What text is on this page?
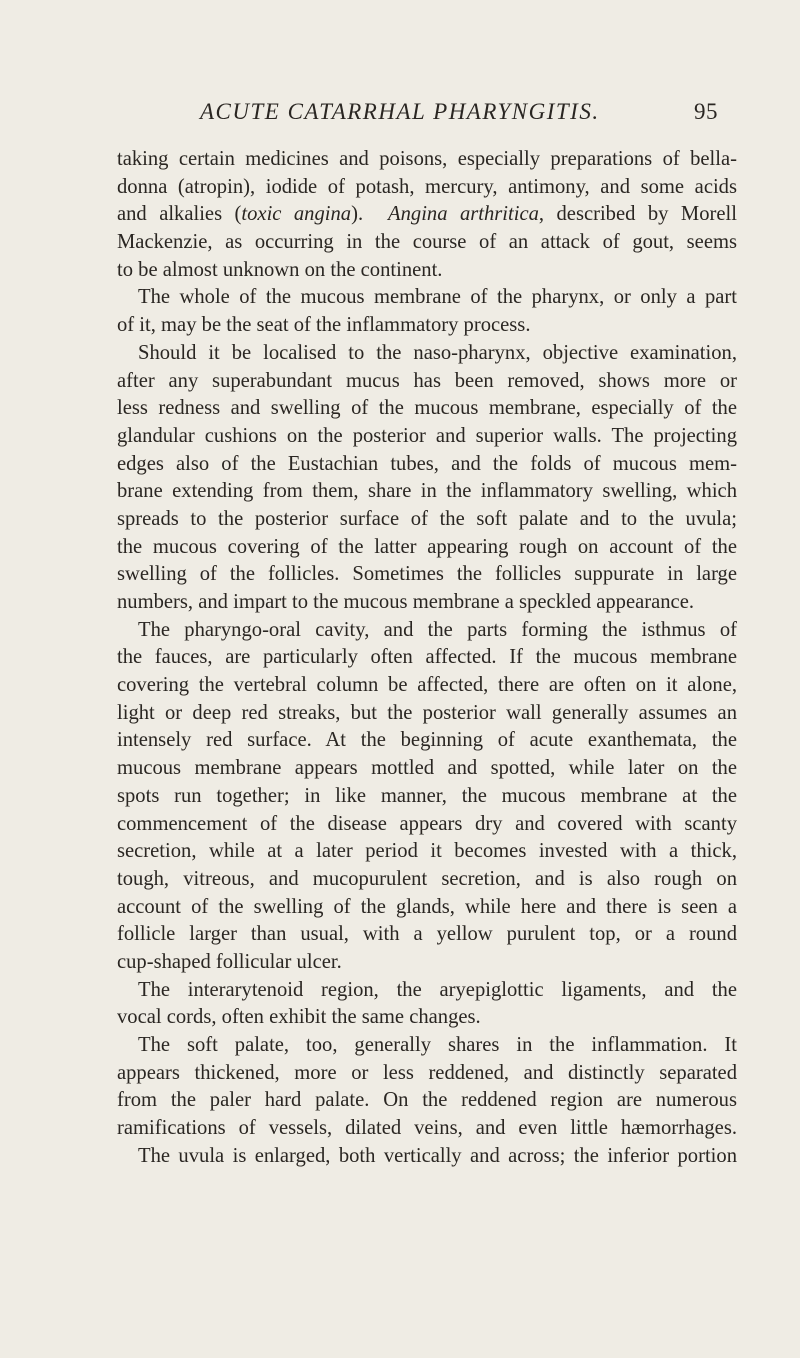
ACUTE CATARRHAL PHARYNGITIS.	95
taking certain medicines and poisons, especially preparations of bella-
donna (atropin), iodide of potash, mercury, antimony, and some acids
and alkalies (toxic angina).  Angina arthritica, described by Morell
Mackenzie, as occurring in the course of an attack of gout, seems
to be almost unknown on the continent.
The whole of the mucous membrane of the pharynx, or only a part
of it, may be the seat of the inflammatory process.
Should it be localised to the naso-pharynx, objective examination,
after any superabundant mucus has been removed, shows more or
less redness and swelling of the mucous membrane, especially of the
glandular cushions on the posterior and superior walls. The projecting
edges also of the Eustachian tubes, and the folds of mucous mem-
brane extending from them, share in the inflammatory swelling, which
spreads to the posterior surface of the soft palate and to the uvula;
the mucous covering of the latter appearing rough on account of the
swelling of the follicles. Sometimes the follicles suppurate in large
numbers, and impart to the mucous membrane a speckled appearance.
The pharyngo-oral cavity, and the parts forming the isthmus of
the fauces, are particularly often affected. If the mucous membrane
covering the vertebral column be affected, there are often on it alone,
light or deep red streaks, but the posterior wall generally assumes an
intensely red surface. At the beginning of acute exanthemata, the
mucous membrane appears mottled and spotted, while later on the
spots run together; in like manner, the mucous membrane at the
commencement of the disease appears dry and covered with scanty
secretion, while at a later period it becomes invested with a thick,
tough, vitreous, and mucopurulent secretion, and is also rough on
account of the swelling of the glands, while here and there is seen a
follicle larger than usual, with a yellow purulent top, or a round
cup-shaped follicular ulcer.
The interarytenoid region, the aryepiglottic ligaments, and the
vocal cords, often exhibit the same changes.
The soft palate, too, generally shares in the inflammation. It
appears thickened, more or less reddened, and distinctly separated
from the paler hard palate. On the reddened region are numerous
ramifications of vessels, dilated veins, and even little hæmorrhages.
The uvula is enlarged, both vertically and across; the inferior portion
